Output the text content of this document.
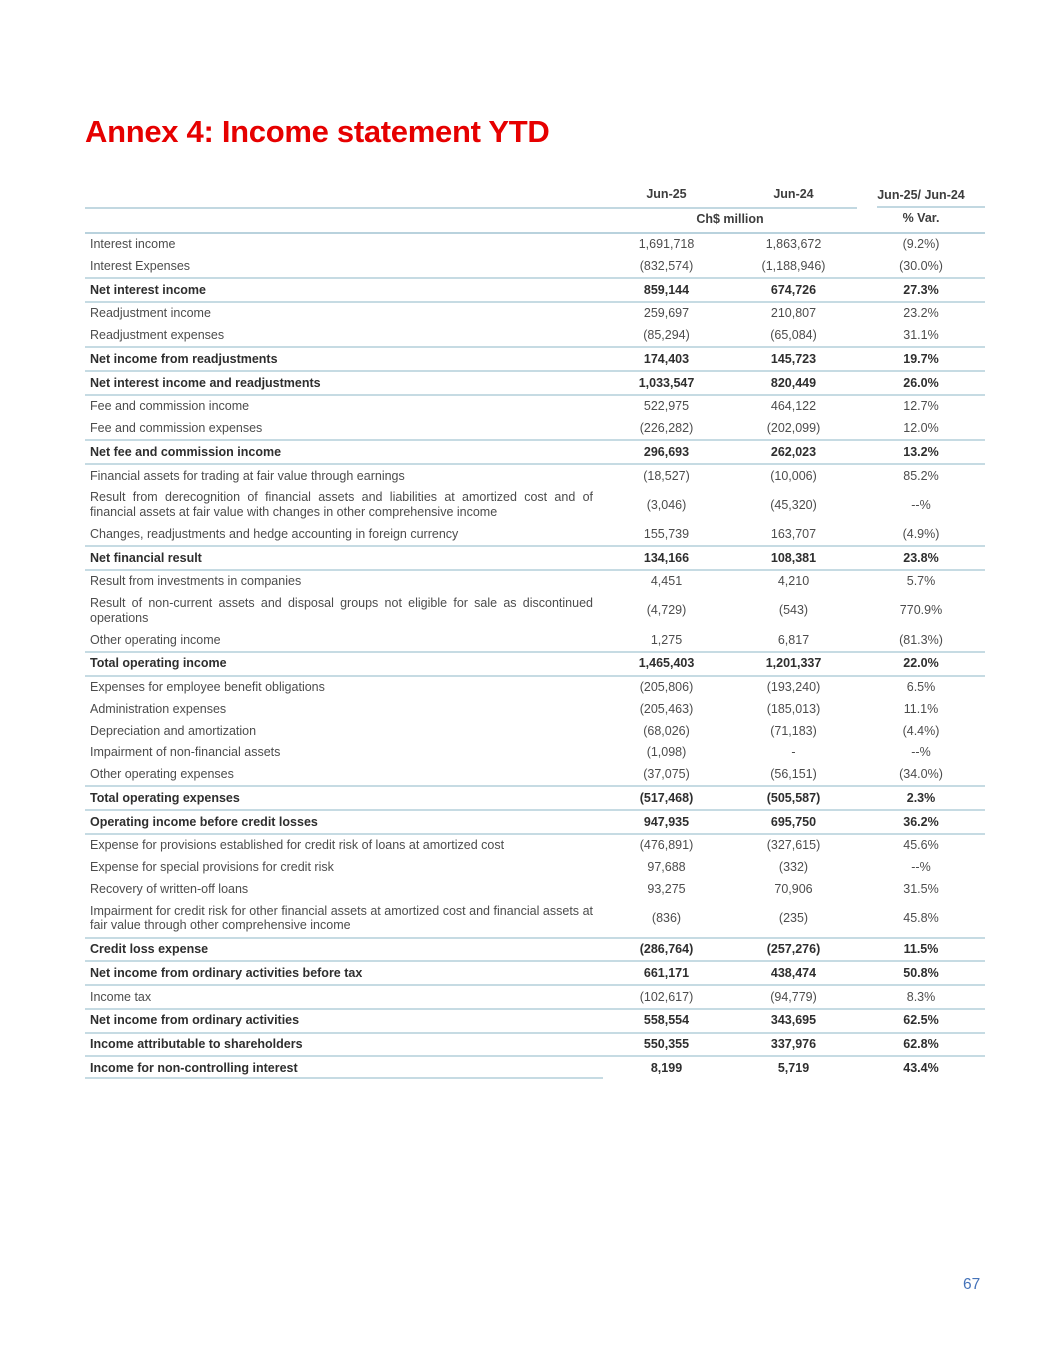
Annex 4: Income statement YTD
	Jun-25	Jun-24	Jun-25/ Jun-24
	Ch$ million		% Var.
Interest income	1,691,718	1,863,672	(9.2%)
Interest Expenses	(832,574)	(1,188,946)	(30.0%)
Net interest income	859,144	674,726	27.3%
Readjustment income	259,697	210,807	23.2%
Readjustment expenses	(85,294)	(65,084)	31.1%
Net income from readjustments	174,403	145,723	19.7%
Net interest income and readjustments	1,033,547	820,449	26.0%
Fee and commission income	522,975	464,122	12.7%
Fee and commission expenses	(226,282)	(202,099)	12.0%
Net fee and commission income	296,693	262,023	13.2%
Financial assets for trading at fair value through earnings	(18,527)	(10,006)	85.2%
Result from derecognition of financial assets and liabilities at amortized cost and of financial assets at fair value with changes in other comprehensive income	(3,046)	(45,320)	--%
Changes, readjustments and hedge accounting in foreign currency	155,739	163,707	(4.9%)
Net financial result	134,166	108,381	23.8%
Result from investments in companies	4,451	4,210	5.7%
Result of non-current assets and disposal groups not eligible for sale as discontinued operations	(4,729)	(543)	770.9%
Other operating income	1,275	6,817	(81.3%)
Total operating income	1,465,403	1,201,337	22.0%
Expenses for employee benefit obligations	(205,806)	(193,240)	6.5%
Administration expenses	(205,463)	(185,013)	11.1%
Depreciation and amortization	(68,026)	(71,183)	(4.4%)
Impairment of non-financial assets	(1,098)	-	--%
Other operating expenses	(37,075)	(56,151)	(34.0%)
Total operating expenses	(517,468)	(505,587)	2.3%
Operating income before credit losses	947,935	695,750	36.2%
Expense for provisions established for credit risk of loans at amortized cost	(476,891)	(327,615)	45.6%
Expense for special provisions for credit risk	97,688	(332)	--%
Recovery of written-off loans	93,275	70,906	31.5%
Impairment for credit risk for other financial assets at amortized cost and financial assets at fair value through other comprehensive income	(836)	(235)	45.8%
Credit loss expense	(286,764)	(257,276)	11.5%
Net income from ordinary activities before tax	661,171	438,474	50.8%
Income tax	(102,617)	(94,779)	8.3%
Net income from ordinary activities	558,554	343,695	62.5%
Income attributable to shareholders	550,355	337,976	62.8%
Income for non-controlling interest	8,199	5,719	43.4%
67
